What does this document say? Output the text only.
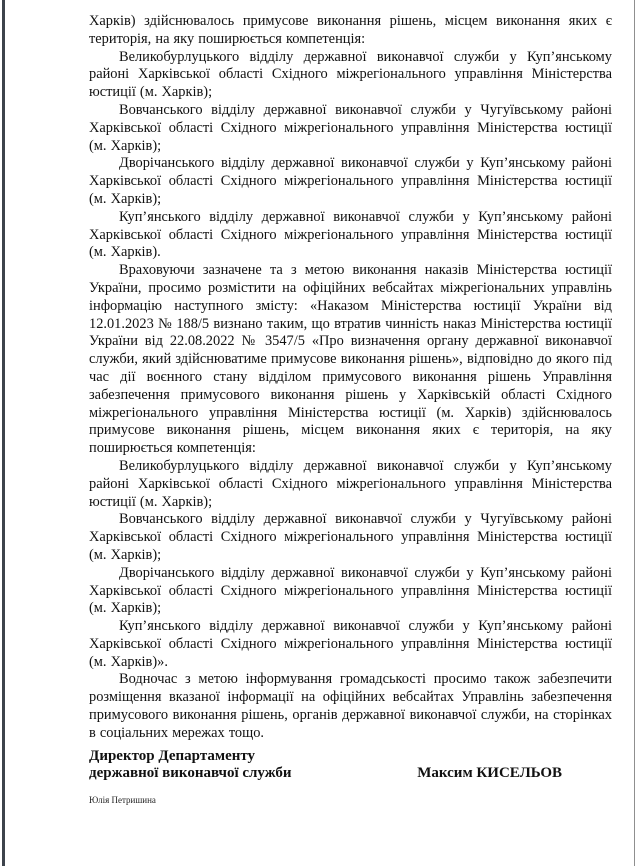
Харків) здійснювалось примусове виконання рішень, місцем виконання яких є територія, на яку поширюється компетенція:

Великобурлуцького відділу державної виконавчої служби у Куп’янському районі Харківської області Східного міжрегіонального управління Міністерства юстиції (м. Харків);

Вовчанського відділу державної виконавчої служби у Чугуївському районі Харківської області Східного міжрегіонального управління Міністерства юстиції (м. Харків);

Дворічанського відділу державної виконавчої служби у Куп’янському районі Харківської області Східного міжрегіонального управління Міністерства юстиції (м. Харків);

Куп’янського відділу державної виконавчої служби у Куп’янському районі Харківської області Східного міжрегіонального управління Міністерства юстиції (м. Харків).

Враховуючи зазначене та з метою виконання наказів Міністерства юстиції України, просимо розмістити на офіційних вебсайтах міжрегіональних управлінь інформацію наступного змісту: «Наказом Міністерства юстиції України від 12.01.2023 № 188/5 визнано таким, що втратив чинність наказ Міністерства юстиції України від 22.08.2022 № 3547/5 «Про визначення органу державної виконавчої служби, який здійснюватиме примусове виконання рішень», відповідно до якого під час дії воєнного стану відділом примусового виконання рішень Управління забезпечення примусового виконання рішень у Харківській області Східного міжрегіонального управління Міністерства юстиції (м. Харків) здійснювалось примусове виконання рішень, місцем виконання яких є територія, на яку поширюється компетенція:

Великобурлуцького відділу державної виконавчої служби у Куп’янському районі Харківської області Східного міжрегіонального управління Міністерства юстиції (м. Харків);

Вовчанського відділу державної виконавчої служби у Чугуївському районі Харківської області Східного міжрегіонального управління Міністерства юстиції (м. Харків);

Дворічанського відділу державної виконавчої служби у Куп’янському районі Харківської області Східного міжрегіонального управління Міністерства юстиції (м. Харків);

Куп’янського відділу державної виконавчої служби у Куп’янському районі Харківської області Східного міжрегіонального управління Міністерства юстиції (м. Харків)».

Водночас з метою інформування громадськості просимо також забезпечити розміщення вказаної інформації на офіційних вебсайтах Управлінь забезпечення примусового виконання рішень, органів державної виконавчої служби, на сторінках в соціальних мережах тощо.

Директор Департаменту
державної виконавчої служби	Максим КИСЕЛЬОВ
Юлія Петришина
